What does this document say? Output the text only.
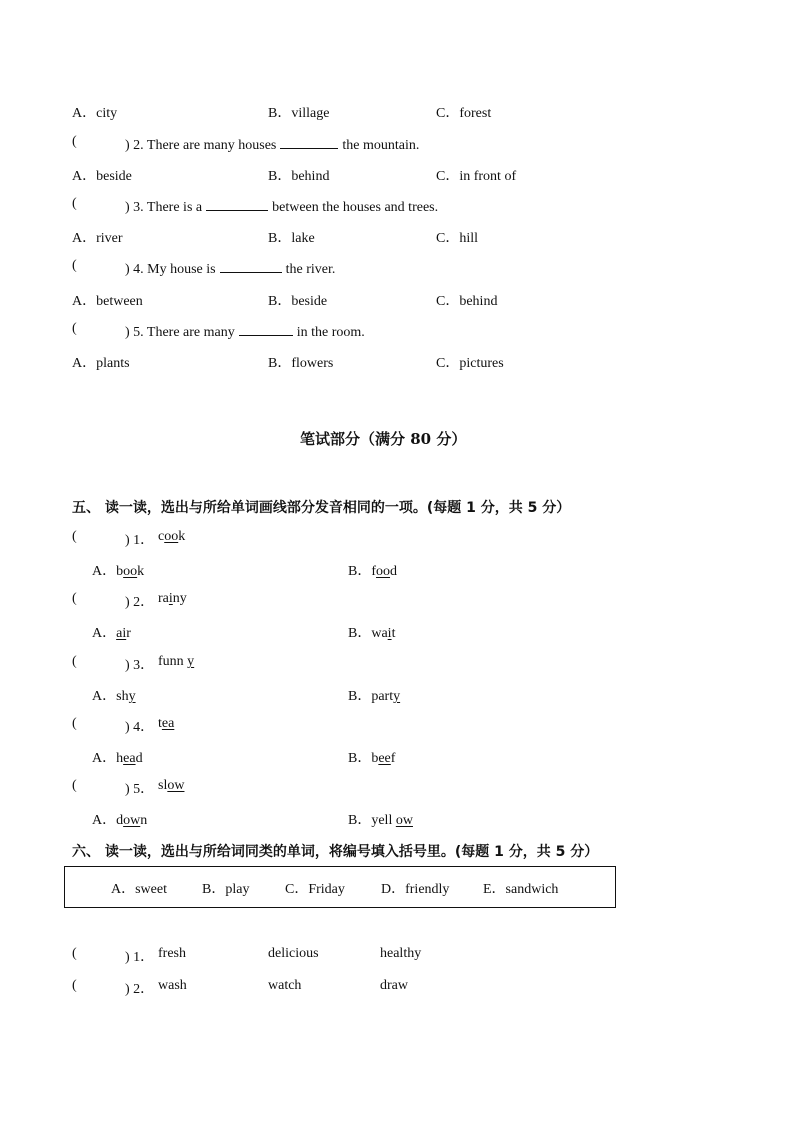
A．city	B．village	C．forest
(	) 2. There are many houses	the mountain.
A．beside	B．behind	C．in front of
(	) 3. There is a	between the houses and trees.
A．river	B．lake	C．hill
(	) 4. My house is	the river.
A．between	B．beside	C．behind
(	) 5. There are many	in the room.
A．plants	B．flowers	C．pictures
笔试部分（满分 80 分）
五、 读一读，选出与所给单词画线部分发音相同的一项。(每题 1 分，共 5 分）
(	) 1． cook
A．book	B．food
(	) 2． rainy
A．air	B．wait
(	) 3． funn y
A．shy	B．party
(	) 4． tea
A．head	B．beef
(	) 5． slow
A．down	B．yell ow
六、 读一读，选出与所给词同类的单词，将编号填入括号里。(每题 1 分，共 5 分）
A．sweet	B．play	C．Friday	D．friendly E．sandwich
(	) 1． fresh	delicious	healthy
(	) 2． wash	watch	draw
